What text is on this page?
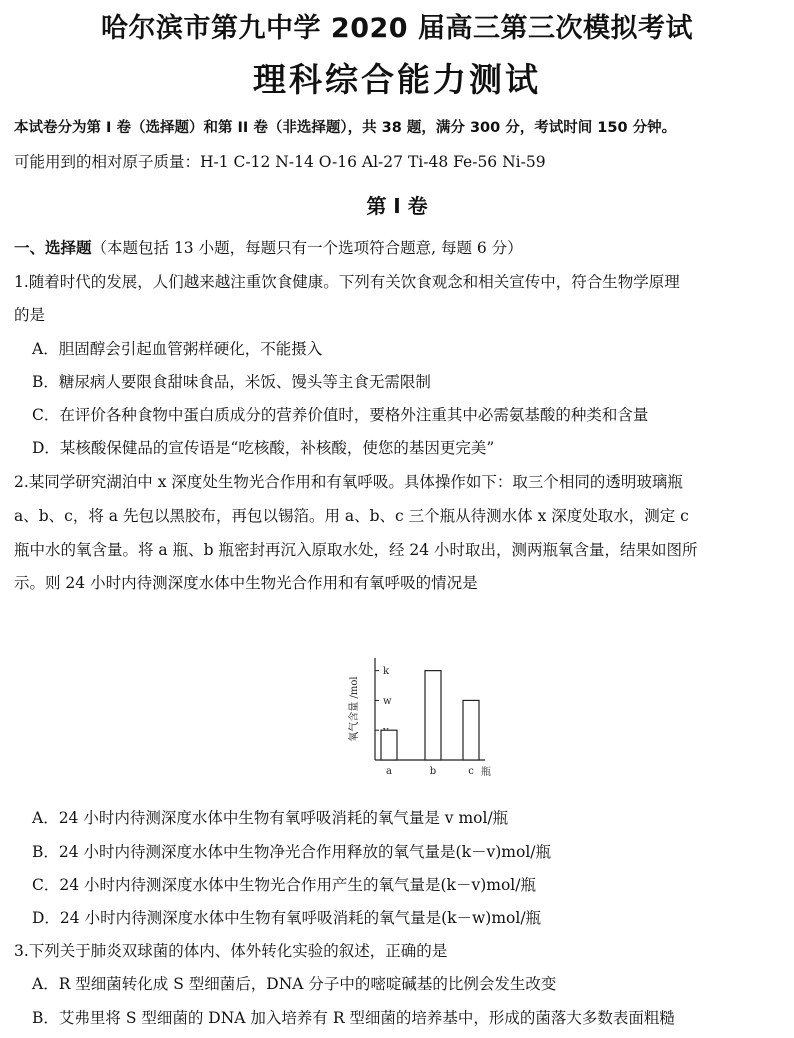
哈尔滨市第九中学 2020 届高三第三次模拟考试
理科综合能力测试
本试卷分为第 I 卷（选择题）和第 II 卷（非选择题），共 38 题，满分 300 分，考试时间 150 分钟。
可能用到的相对原子质量：H-1 C-12 N-14 O-16 Al-27 Ti-48 Fe-56 Ni-59
第 I 卷
一、选择题（本题包括 13 小题，每题只有一个选项符合题意, 每题 6 分）
1.随着时代的发展，人们越来越注重饮食健康。下列有关饮食观念和相关宣传中，符合生物学原理
的是
A．胆固醇会引起血管粥样硬化，不能摄入
B．糖尿病人要限食甜味食品，米饭、馒头等主食无需限制
C．在评价各种食物中蛋白质成分的营养价值时，要格外注重其中必需氨基酸的种类和含量
D．某核酸保健品的宣传语是“吃核酸，补核酸，使您的基因更完美”
2.某同学研究湖泊中 x 深度处生物光合作用和有氧呼吸。具体操作如下：取三个相同的透明玻璃瓶
a、b、c，将 a 先包以黑胶布，再包以锡箔。用 a、b、c 三个瓶从待测水体 x 深度处取水，测定 c
瓶中水的氧含量。将 a 瓶、b 瓶密封再沉入原取水处，经 24 小时取出，测两瓶氧含量，结果如图所
示。则 24 小时内待测深度水体中生物光合作用和有氧呼吸的情况是
w
k
氧气含量 /mol
a	b	c 瓶
A．24 小时内待测深度水体中生物有氧呼吸消耗的氧气量是 v mol/瓶
B．24 小时内待测深度水体中生物净光合作用释放的氧气量是(k－v)mol/瓶
C．24 小时内待测深度水体中生物光合作用产生的氧气量是(k－v)mol/瓶
D．24 小时内待测深度水体中生物有氧呼吸消耗的氧气量是(k－w)mol/瓶
3.下列关于肺炎双球菌的体内、体外转化实验的叙述，正确的是
A．R 型细菌转化成 S 型细菌后，DNA 分子中的嘧啶碱基的比例会发生改变
B．艾弗里将 S 型细菌的 DNA 加入培养有 R 型细菌的培养基中，形成的菌落大多数表面粗糙
